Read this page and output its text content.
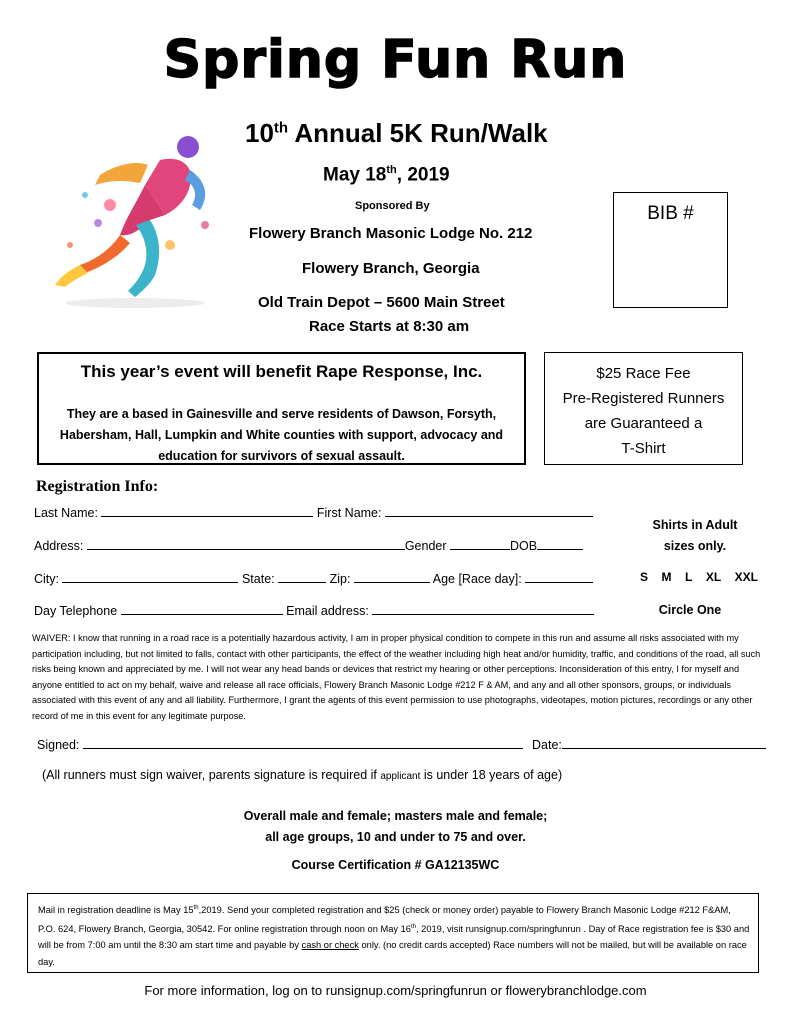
Spring Fun Run
10th Annual 5K Run/Walk
May 18th, 2019
Sponsored By
Flowery Branch Masonic Lodge No. 212
Flowery Branch, Georgia
Old Train Depot – 5600 Main Street
Race Starts at 8:30 am
BIB #
This year’s event will benefit Rape Response, Inc.
They are a based in Gainesville and serve residents of Dawson, Forsyth, Habersham, Hall, Lumpkin and White counties with support, advocacy and education for survivors of sexual assault.
$25 Race Fee
Pre-Registered Runners
are Guaranteed a
T-Shirt
Registration Info:
Last Name:	First Name:
Address:	Gender	DOB
City:	State:	Zip:	Age [Race day]:
Day Telephone	Email address:
Shirts in Adult
sizes only.
S M L XL XXL
Circle One
WAIVER: I know that running in a road race is a potentially hazardous activity, I am in proper physical condition to compete in this run and assume all risks associated with my participation including, but not limited to falls, contact with other participants, the effect of the weather including high heat and/or humidity, traffic, and conditions of the road, all such risks being known and appreciated by me. I will not wear any head bands or devices that restrict my hearing or other perceptions. Inconsideration of this entry, I for myself and anyone entitled to act on my behalf, waive and release all race officials, Flowery Branch Masonic Lodge #212 F & AM, and any and all other sponsors, groups, or individuals associated with this event of any and all liability. Furthermore, I grant the agents of this event permission to use photographs, videotapes, motion pictures, recordings or any other record of me in this event for any legitimate purpose.
Signed:	Date:
(All runners must sign waiver, parents signature is required if applicant is under 18 years of age)
Overall male and female; masters male and female;
all age groups, 10 and under to 75 and over.
Course Certification # GA12135WC

Mail in registration deadline is May 15th,2019. Send your completed registration and $25 (check or money order) payable to Flowery Branch Masonic Lodge #212 F&AM, P.O. 624, Flowery Branch, Georgia, 30542. For online registration through noon on May 16th, 2019, visit runsignup.com/springfunrun . Day of Race registration fee is $30 and will be from 7:00 am until the 8:30 am start time and payable by cash or check only. (no credit cards accepted) Race numbers will not be mailed, but will be available on race day.

For more information, log on to runsignup.com/springfunrun or flowerybranchlodge.com
